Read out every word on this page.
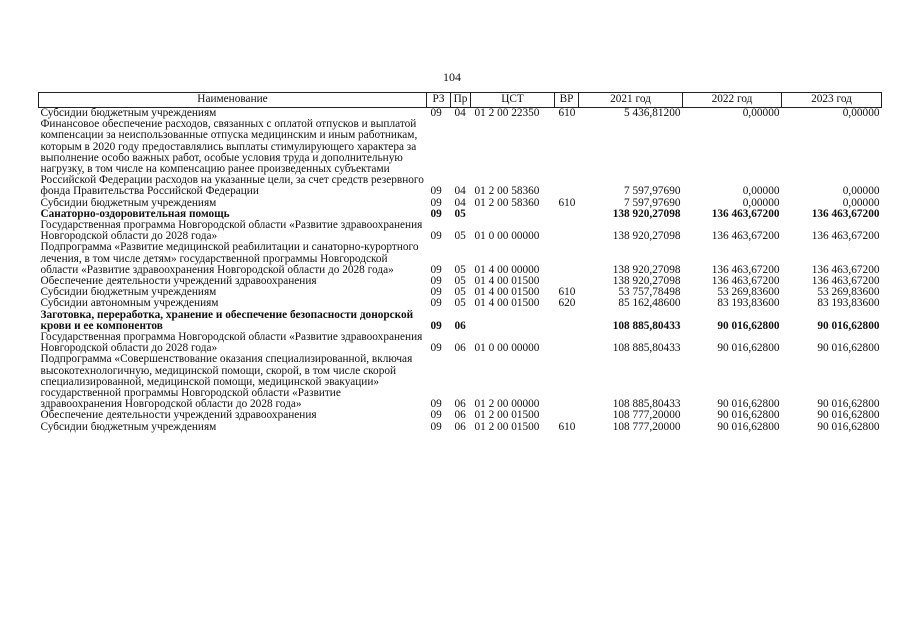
104
Наименование	РЗ	Пр	ЦСТ	ВР	2021 год	2022 год	2023 год
Субсидии бюджетным учреждениям	09	04	01 2 00 22350	610	5 436,81200	0,00000	0,00000
Финансовое обеспечение расходов, связанных с оплатой отпусков и выплатой компенсации за неиспользованные отпуска медицинским и иным работникам, которым в 2020 году предоставлялись выплаты стимулирующего характера за выполнение особо важных работ, особые условия труда и дополнительную нагрузку, в том числе на компенсацию ранее произведенных субъектами Российской Федерации расходов на указанные цели, за счет средств резервного фонда Правительства Российской Федерации	09	04	01 2 00 58360		7 597,97690	0,00000	0,00000
Субсидии бюджетным учреждениям	09	04	01 2 00 58360	610	7 597,97690	0,00000	0,00000
Санаторно-оздоровительная помощь	09	05			138 920,27098	136 463,67200	136 463,67200
Государственная программа Новгородской области «Развитие здравоохранения Новгородской области до 2028 года»	09	05	01 0 00 00000		138 920,27098	136 463,67200	136 463,67200
Подпрограмма «Развитие медицинской реабилитации и санаторно-курортного лечения, в том числе детям» государственной программы Новгородской области «Развитие здравоохранения Новгородской области до 2028 года»	09	05	01 4 00 00000		138 920,27098	136 463,67200	136 463,67200
Обеспечение деятельности учреждений здравоохранения	09	05	01 4 00 01500		138 920,27098	136 463,67200	136 463,67200
Субсидии бюджетным учреждениям	09	05	01 4 00 01500	610	53 757,78498	53 269,83600	53 269,83600
Субсидии автономным учреждениям	09	05	01 4 00 01500	620	85 162,48600	83 193,83600	83 193,83600
Заготовка, переработка, хранение и обеспечение безопасности донорской крови и ее компонентов	09	06			108 885,80433	90 016,62800	90 016,62800
Государственная программа Новгородской области «Развитие здравоохранения Новгородской области до 2028 года»	09	06	01 0 00 00000		108 885,80433	90 016,62800	90 016,62800
Подпрограмма «Совершенствование оказания специализированной, включая высокотехнологичную, медицинской помощи, скорой, в том числе скорой специализированной, медицинской помощи, медицинской эвакуации» государственной программы Новгородской области «Развитие здравоохранения Новгородской области до 2028 года»	09	06	01 2 00 00000		108 885,80433	90 016,62800	90 016,62800
Обеспечение деятельности учреждений здравоохранения	09	06	01 2 00 01500		108 777,20000	90 016,62800	90 016,62800
Субсидии бюджетным учреждениям	09	06	01 2 00 01500	610	108 777,20000	90 016,62800	90 016,62800
